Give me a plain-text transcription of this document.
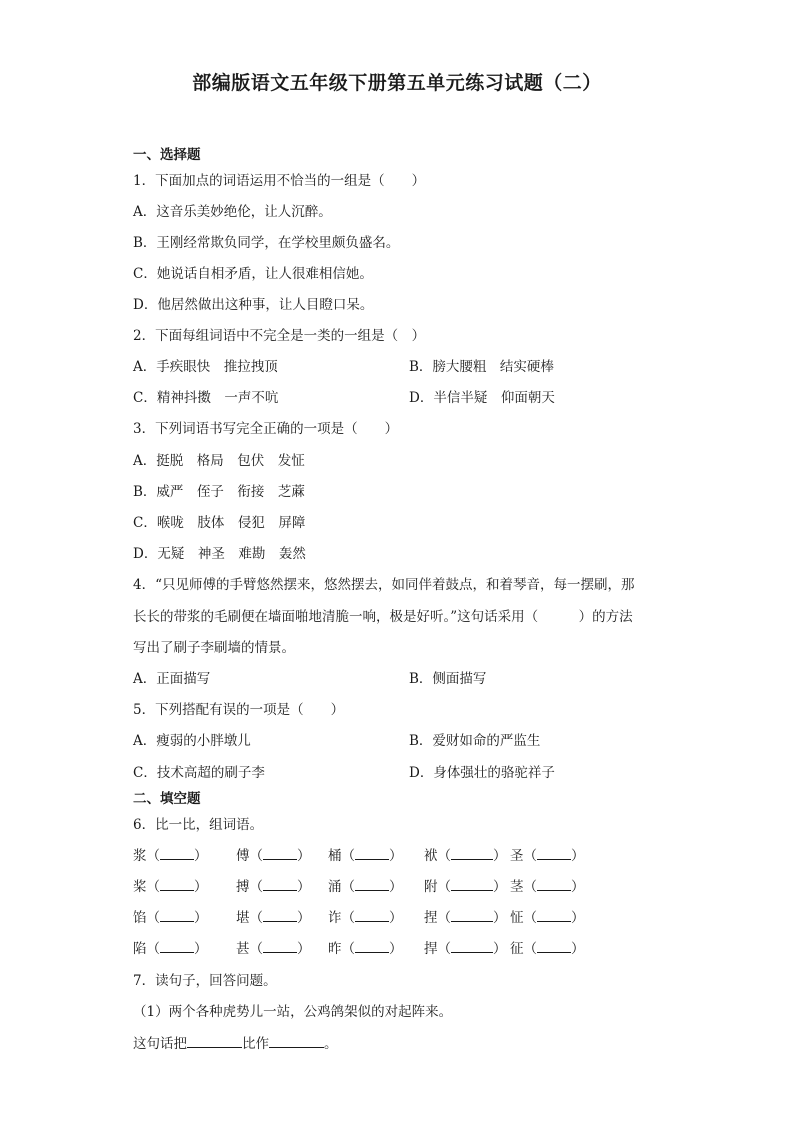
部编版语文五年级下册第五单元练习试题（二）
一、选择题
1．下面加点的词语运用不恰当的一组是（　　）
A．这音乐美妙绝伦，让人沉醉。
B．王刚经常欺负同学，在学校里颇负盛名。
C．她说话自相矛盾，让人很难相信她。
D．他居然做出这种事，让人目瞪口呆。
2．下面每组词语中不完全是一类的一组是（　）
A．手疾眼快　推拉拽顶	B．膀大腰粗　结实硬棒
C．精神抖擞　一声不吭	D．半信半疑　仰面朝天
3．下列词语书写完全正确的一项是（　　）
A．挺脱　格局　包伏　发怔
B．威严　侄子　衔接　芝蔴
C．喉咙　肢体　侵犯　屏障
D．无疑　神圣　难勘　轰然
4．“只见师傅的手臂悠然摆来，悠然摆去，如同伴着鼓点，和着琴音，每一摆刷，那
长长的带浆的毛刷便在墙面啪地清脆一响，极是好听。”这句话采用（　　　）的方法
写出了刷子李刷墙的情景。
A．正面描写	B．侧面描写
5．下列搭配有误的一项是（　　）
A．瘦弱的小胖墩儿	B．爱财如命的严监生
C．技术高超的刷子李	D．身体强壮的骆驼祥子
二、填空题
6．比一比，组词语。
浆（	） 傅（	） 桶（	） 袱（	） 圣（	）
桨（	） 搏（	） 涌（	） 附（	） 茎（	）
馅（	） 堪（	） 诈（	） 捏（	） 怔（	）
陷（	） 甚（	） 昨（	） 捍（	） 征（	）
7．读句子，回答问题。
（1）两个各种虎势儿一站，公鸡鸽架似的对起阵来。
这句话把	比作	。
